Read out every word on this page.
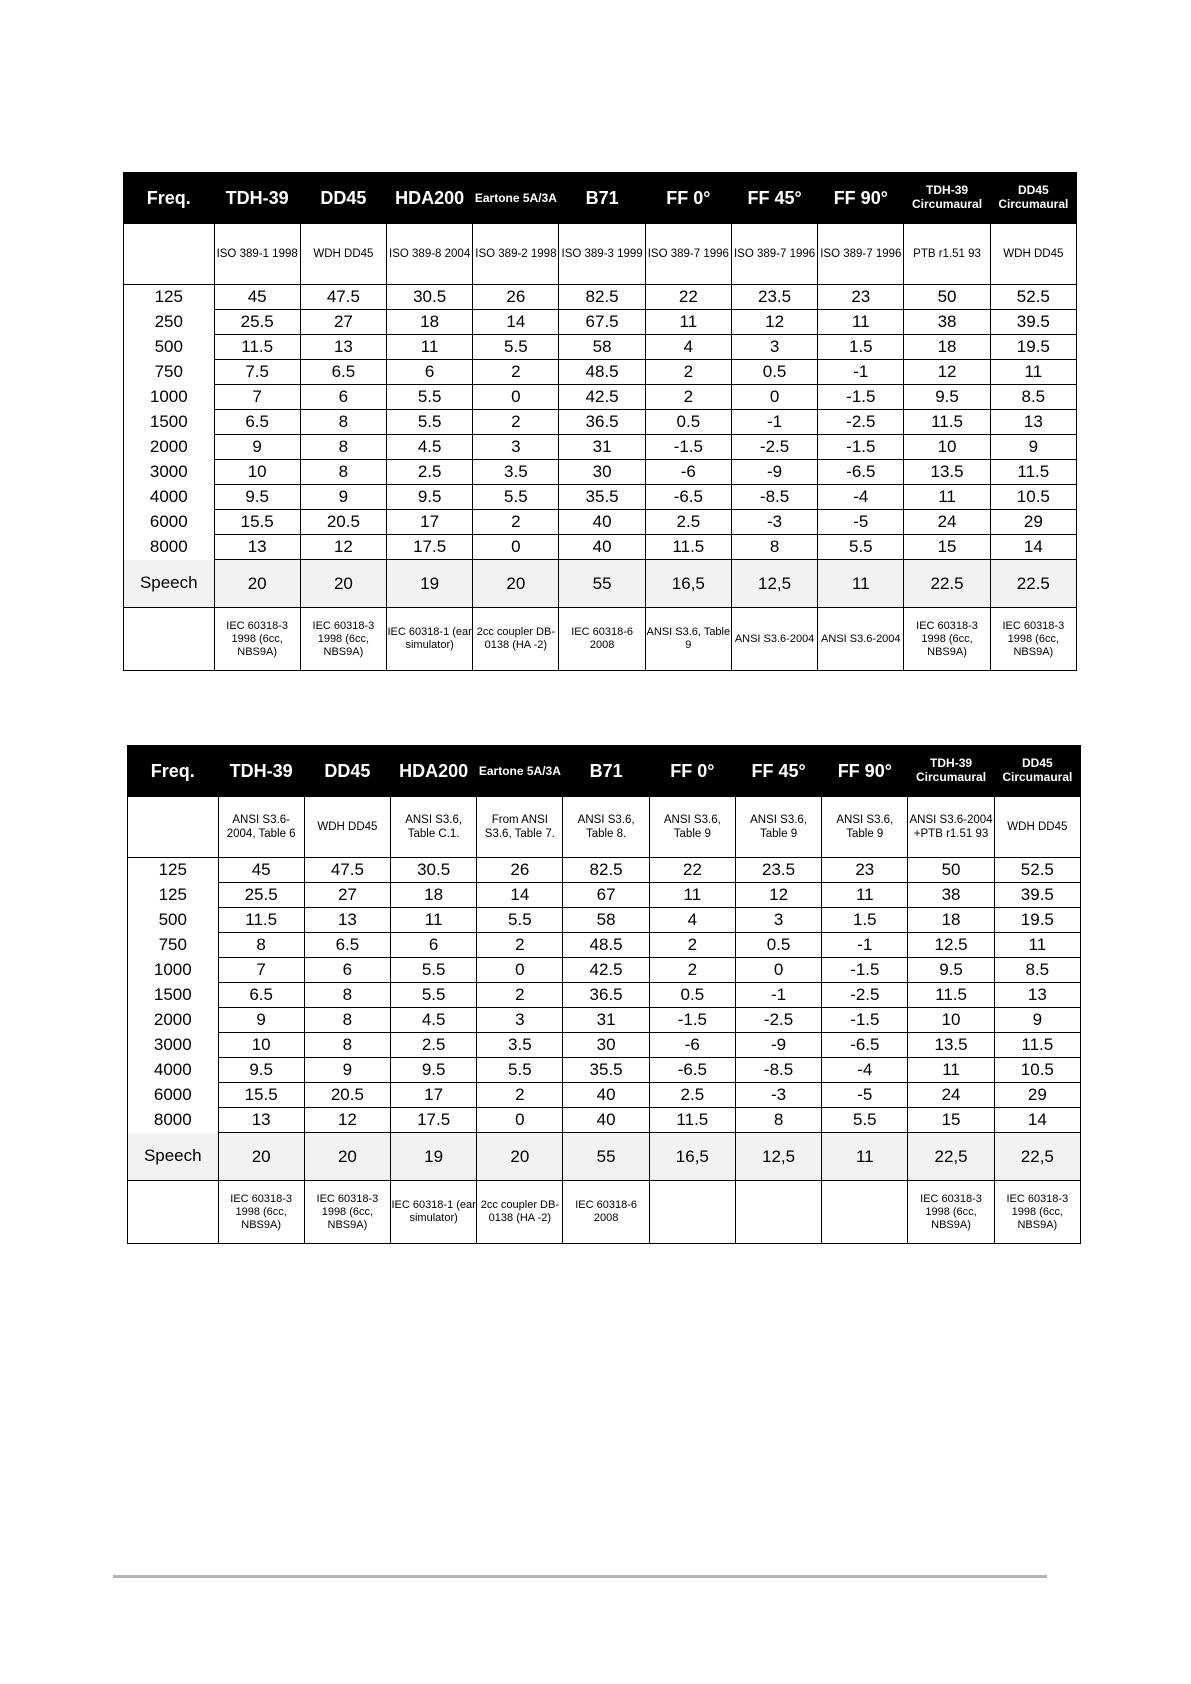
Freq.	TDH-39	DD45	HDA200	Eartone 5A/3A	B71	FF 0°	FF 45°	FF 90°	TDH-39 Circumaural	DD45 Circumaural
	ISO 389-1 1998	WDH DD45	ISO 389-8 2004	ISO 389-2 1998	ISO 389-3 1999	ISO 389-7 1996	ISO 389-7 1996	ISO 389-7 1996	PTB r1.51 93	WDH DD45
125	45	47.5	30.5	26	82.5	22	23.5	23	50	52.5
250	25.5	27	18	14	67.5	11	12	11	38	39.5
500	11.5	13	11	5.5	58	4	3	1.5	18	19.5
750	7.5	6.5	6	2	48.5	2	0.5	-1	12	11
1000	7	6	5.5	0	42.5	2	0	-1.5	9.5	8.5
1500	6.5	8	5.5	2	36.5	0.5	-1	-2.5	11.5	13
2000	9	8	4.5	3	31	-1.5	-2.5	-1.5	10	9
3000	10	8	2.5	3.5	30	-6	-9	-6.5	13.5	11.5
4000	9.5	9	9.5	5.5	35.5	-6.5	-8.5	-4	11	10.5
6000	15.5	20.5	17	2	40	2.5	-3	-5	24	29
8000	13	12	17.5	0	40	11.5	8	5.5	15	14
Speech	20	20	19	20	55	16,5	12,5	11	22.5	22.5
	IEC 60318-3 1998 (6cc, NBS9A)	IEC 60318-3 1998 (6cc, NBS9A)	IEC 60318-1 (ear simulator)	2cc coupler DB-0138 (HA -2)	IEC 60318-6 2008	ANSI S3.6, Table 9	ANSI S3.6-2004	ANSI S3.6-2004	IEC 60318-3 1998 (6cc, NBS9A)	IEC 60318-3 1998 (6cc, NBS9A)
Freq.	TDH-39	DD45	HDA200	Eartone 5A/3A	B71	FF 0°	FF 45°	FF 90°	TDH-39 Circumaural	DD45 Circumaural
	ANSI S3.6-2004, Table 6	WDH DD45	ANSI S3.6, Table C.1.	From ANSI S3.6, Table 7.	ANSI S3.6, Table 8.	ANSI S3.6, Table 9	ANSI S3.6, Table 9	ANSI S3.6, Table 9	ANSI S3.6-2004 +PTB r1.51 93	WDH DD45
125	45	47.5	30.5	26	82.5	22	23.5	23	50	52.5
125	25.5	27	18	14	67	11	12	11	38	39.5
500	11.5	13	11	5.5	58	4	3	1.5	18	19.5
750	8	6.5	6	2	48.5	2	0.5	-1	12.5	11
1000	7	6	5.5	0	42.5	2	0	-1.5	9.5	8.5
1500	6.5	8	5.5	2	36.5	0.5	-1	-2.5	11.5	13
2000	9	8	4.5	3	31	-1.5	-2.5	-1.5	10	9
3000	10	8	2.5	3.5	30	-6	-9	-6.5	13.5	11.5
4000	9.5	9	9.5	5.5	35.5	-6.5	-8.5	-4	11	10.5
6000	15.5	20.5	17	2	40	2.5	-3	-5	24	29
8000	13	12	17.5	0	40	11.5	8	5.5	15	14
Speech	20	20	19	20	55	16,5	12,5	11	22,5	22,5
	IEC 60318-3 1998 (6cc, NBS9A)	IEC 60318-3 1998 (6cc, NBS9A)	IEC 60318-1 (ear simulator)	2cc coupler DB-0138 (HA -2)	IEC 60318-6 2008				IEC 60318-3 1998 (6cc, NBS9A)	IEC 60318-3 1998 (6cc, NBS9A)
